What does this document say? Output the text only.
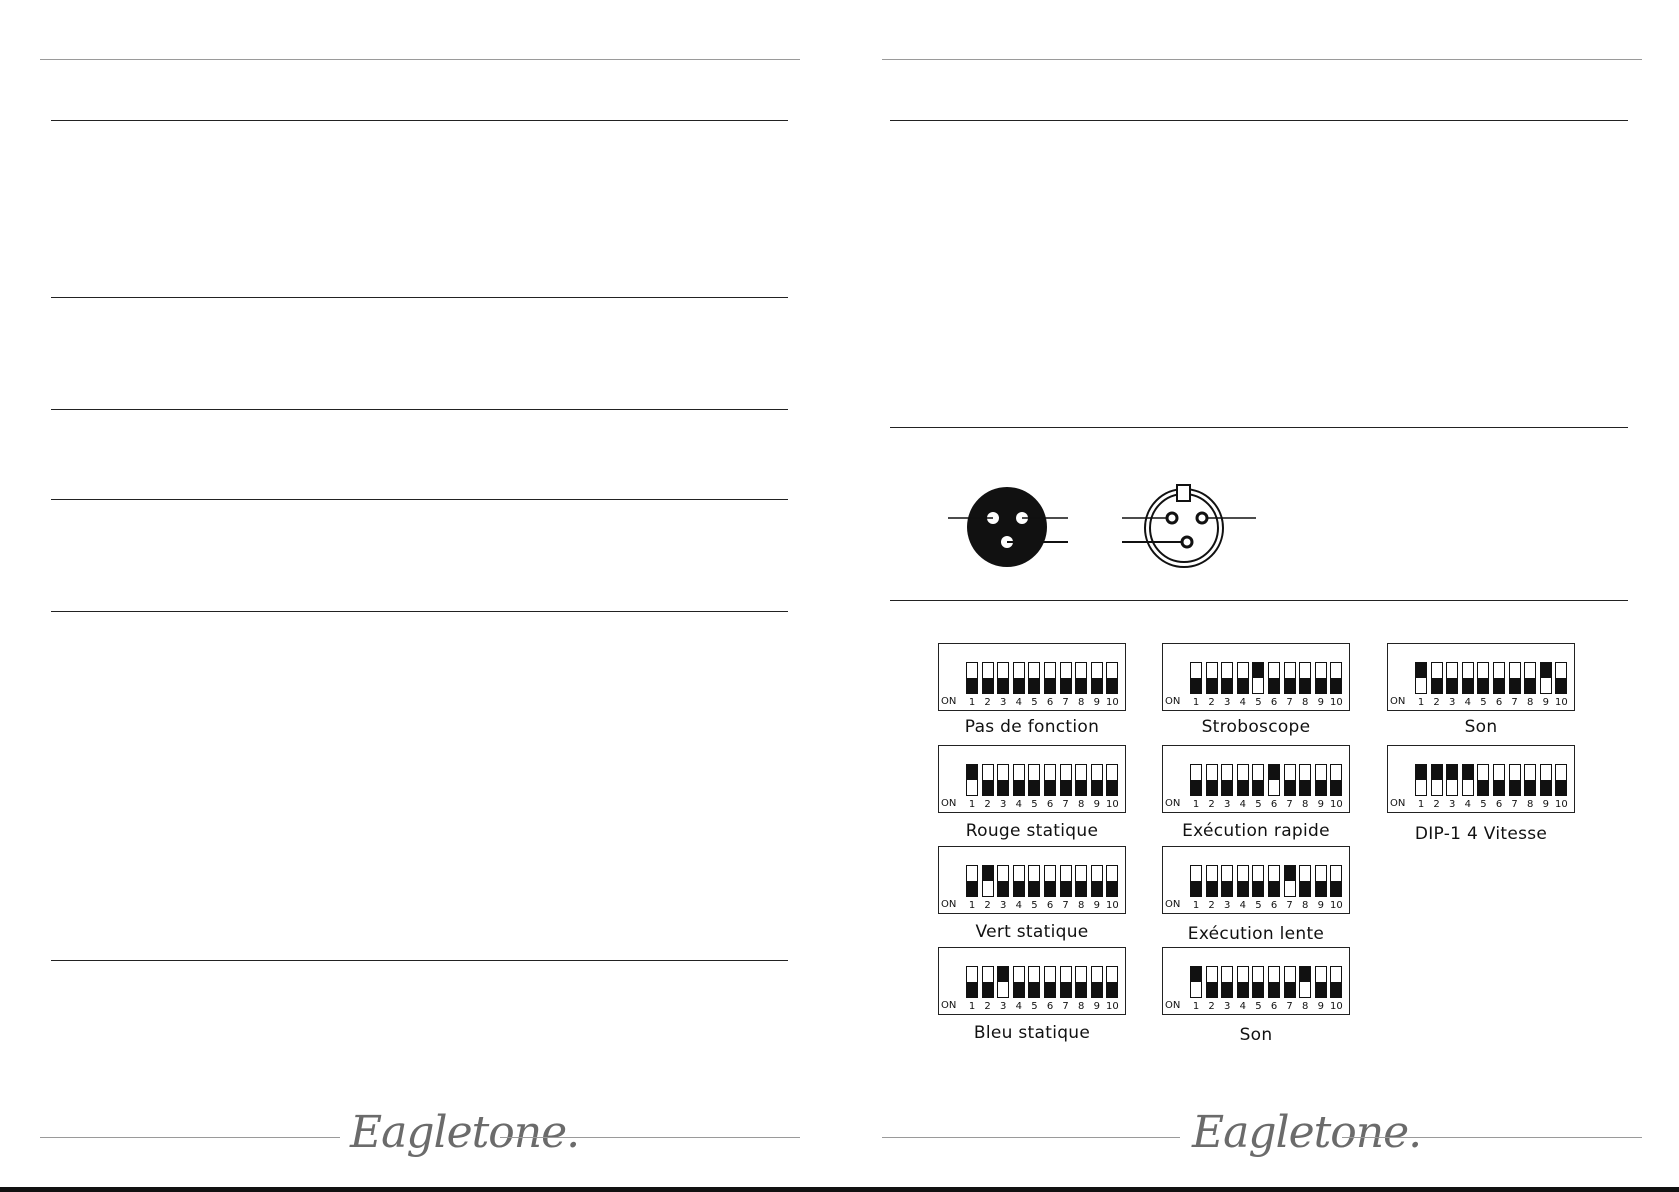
Eagletone.
ON	1 2 3 4 5 6 7 8 9 10
Pas de fonction
ON	1 2 3 4 5 6 7 8 9 10
Stroboscope
ON	1 2 3 4 5 6 7 8 9 10
Son
ON	1 2 3 4 5 6 7 8 9 10
Rouge statique
ON	1 2 3 4 5 6 7 8 9 10
Exécution rapide
ON	1 2 3 4 5 6 7 8 9 10
DIP-1 4 Vitesse
ON	1 2 3 4 5 6 7 8 9 10
Vert statique
ON	1 2 3 4 5 6 7 8 9 10
Exécution lente
ON	1 2 3 4 5 6 7 8 9 10
Bleu statique
ON	1 2 3 4 5 6 7 8 9 10
Son
Eagletone.
